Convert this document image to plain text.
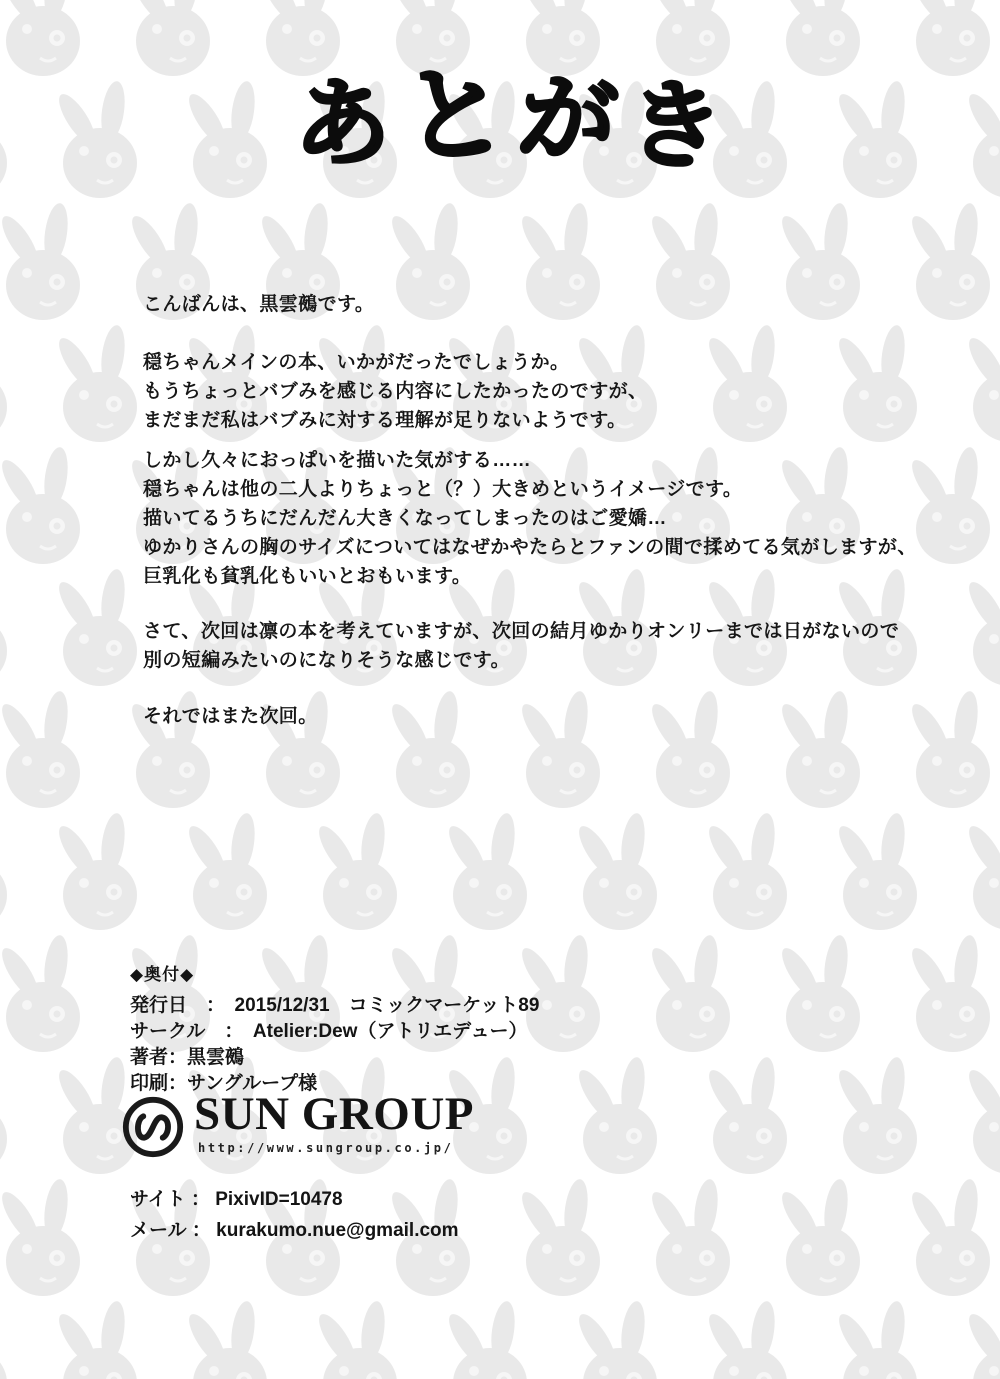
あ と が き

こんばんは、黒雲鵺です。

穏ちゃんメインの本、いかがだったでしょうか。
もうちょっとバブみを感じる内容にしたかったのですが、
まだまだ私はバブみに対する理解が足りないようです。

しかし久々におっぱいを描いた気がする……
穏ちゃんは他の二人よりちょっと（？）大きめというイメージです。
描いてるうちにだんだん大きくなってしまったのはご愛嬌…
ゆかりさんの胸のサイズについてはなぜかやたらとファンの間で揉めてる気がしますが、
巨乳化も貧乳化もいいとおもいます。

さて、次回は凛の本を考えていますが、次回の結月ゆかりオンリーまでは日がないので
別の短編みたいのになりそうな感じです。

それではまた次回。

◆奥付◆
発行日　：　2015/12/31　コミックマーケット89
サークル　：　Atelier:Dew（アトリエデュー）
著者：黒雲鵺
印刷：サングループ様
SUN GROUP
http://www.sungroup.co.jp/
サイト ： PixivID=10478
メール ： kurakumo.nue@gmail.com
